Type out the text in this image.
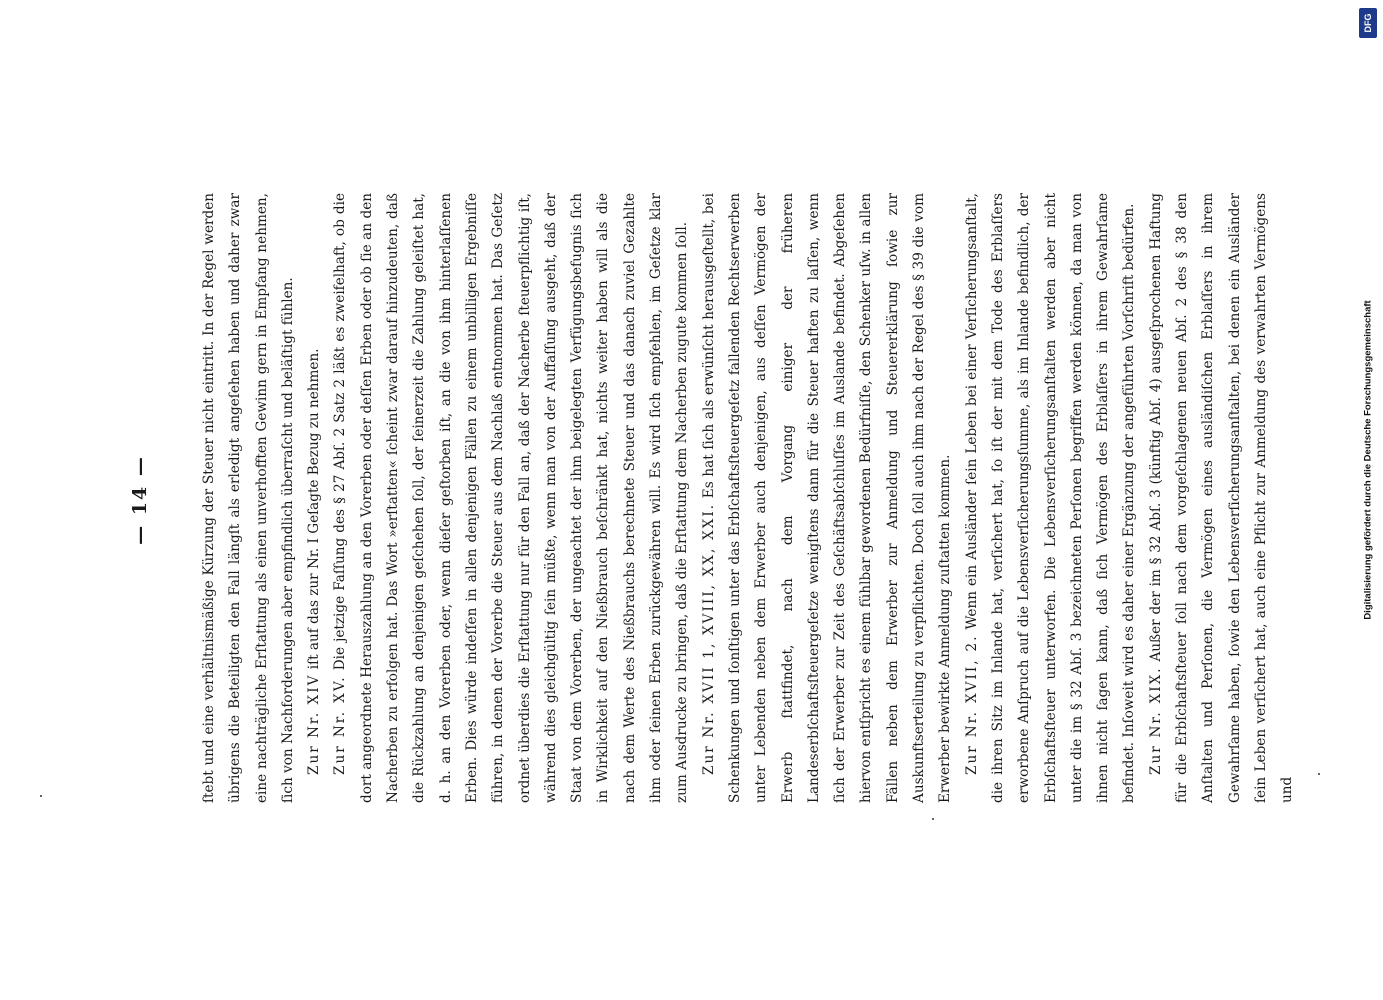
— 14 —	ſtebt und eine verhältnismäßige Kürzung der Steuer nicht eintritt. In der Regel werden übrigens die Beteiligten den Fall längſt als erledigt angeſehen haben und daher zwar eine nachträgliche Erſtattung als einen unverhofften Gewinn gern in Empfang nehmen, ſich von Nachforderungen aber empfindlich überraſcht und beläſtigt fühlen. Zur Nr. XIV iſt auf das zur Nr. I Geſagte Bezug zu nehmen.

Zur Nr. XV. Die jetzige Faſſung des § 27 Abſ. 2 Satz 2 läßt es zweifelhaft, ob die dort angeordnete Herauszahlung an den Vorerben oder deſſen Erben oder ob ſie an den Nacherben zu erfolgen hat. Das Wort »erſtatten« ſcheint zwar darauf hinzudeuten, daß die Rückzahlung an denjenigen geſchehen ſoll, der ſeinerzeit die Zahlung geleiſtet hat, d. h. an den Vorerben oder, wenn dieſer geſtorben iſt, an die von ihm hinterlaſſenen Erben. Dies würde indeſſen in allen denjenigen Fällen zu einem unbilligen Ergebniſſe führen, in denen der Vorerbe die Steuer aus dem Nachlaß entnommen hat. Das Geſetz ordnet überdies die Erſtattung nur für den Fall an, daß der Nacherbe ſteuerpflichtig iſt, während dies gleichgültig ſein müßte, wenn man von der Auffaſſung ausgeht, daß der Staat von dem Vorerben, der ungeachtet der ihm beigelegten Verfügungsbefugnis ſich in Wirklichkeit auf den Nießbrauch beſchränkt hat, nichts weiter haben will als die nach dem Werte des Nießbrauchs berechnete Steuer und das danach zuviel Gezahlte ihm oder ſeinen Erben zurückgewähren will. Es wird ſich empfehlen, im Geſetze klar zum Ausdrucke zu bringen, daß die Erſtattung dem Nacherben zugute kommen ſoll. Zur Nr. XVII 1, XVIII, XX, XXI. Es hat ſich als erwünſcht herausgeſtellt, bei Schenkungen und ſonſtigen unter das Erbſchaftsſteuergeſetz fallenden Rechtserwerben unter Lebenden neben dem Erwerber auch denjenigen, aus deſſen Vermögen der Erwerb ſtattfindet, nach dem Vorgang einiger der früheren Landeserbſchaftsſteuergeſetze wenigſtens dann für die Steuer haften zu laſſen, wenn ſich der Erwerber zur Zeit des Geſchäftsabſchluſſes im Auslande befindet. Abgeſehen hiervon entſpricht es einem fühlbar gewordenen Bedürfniſſe, den Schenker uſw. in allen Fällen neben dem Erwerber zur Anmeldung und Steuererklärung ſowie zur Auskunftserteilung zu verpflichten. Doch ſoll auch ihm nach der Regel des § 39 die vom Erwerber bewirkte Anmeldung zuſtatten kommen. Zur Nr. XVII, 2. Wenn ein Ausländer ſein Leben bei einer Verſicherungsanſtalt, die ihren Sitz im Inlande hat, verſichert hat, ſo iſt der mit dem Tode des Erblaſſers erworbene Anſpruch auf die Lebensverſicherungsſumme, als im Inlande befindlich, der Erbſchaftsſteuer unterworfen. Die Lebensverſicherungsanſtalten werden aber nicht unter die im § 32 Abſ. 3 bezeichneten Perſonen begriffen werden können, da man von ihnen nicht ſagen kann, daß ſich Vermögen des Erblaſſers in ihrem Gewahrſame befindet. Inſoweit wird es daher einer Ergänzung der angeführten Vorſchrift bedürfen. Zur Nr. XIX. Außer der im § 32 Abſ. 3 (künftig Abſ. 4) ausgeſprochenen Haftung für die Erbſchaftsſteuer ſoll nach dem vorgeſchlagenen neuen Abſ. 2 des § 38 den Anſtalten und Perſonen, die Vermögen eines ausländiſchen Erblaſſers in ihrem Gewahrſame haben, ſowie den Lebensverſicherungsanſtalten, bei denen ein Ausländer ſein Leben verſichert hat, auch eine Pflicht zur Anmeldung des verwahrten Vermögens und

DFG
Digitalisierung gefördert durch die Deutsche Forschungsgemeinschaft
